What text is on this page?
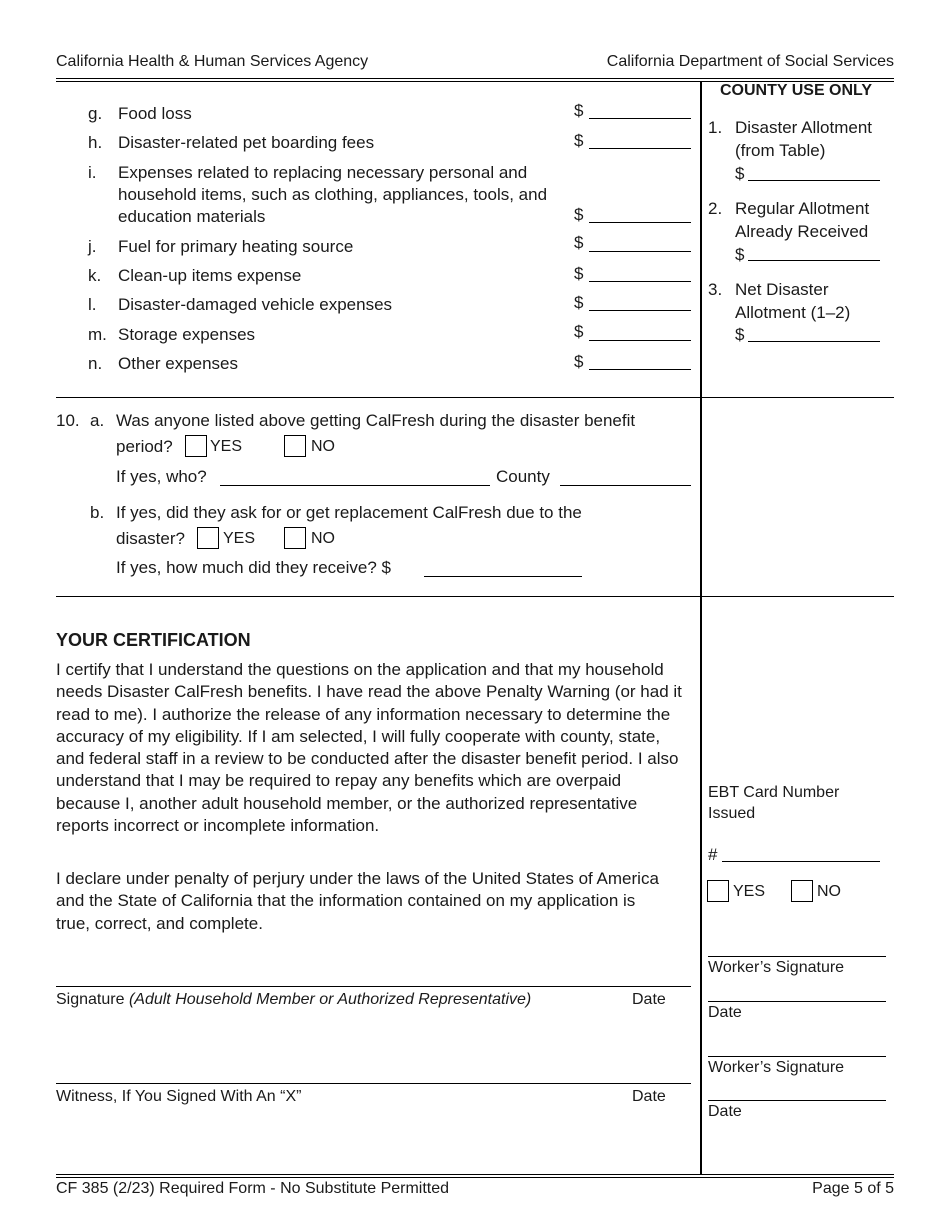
California Health & Human Services Agency	California Department of Social Services
g. Food loss	$
h. Disaster-related pet boarding fees	$
i.	Expenses related to replacing necessary personal and household items, such as clothing, appliances, tools, and education materials	$
j.	Fuel for primary heating source	$
k. Clean-up items expense	$
l.	Disaster-damaged vehicle expenses	$
m. Storage expenses	$
n. Other expenses	$
COUNTY USE ONLY
1. Disaster Allotment (from Table)
$
2. Regular Allotment Already Received
$
3. Net Disaster Allotment (1–2)
$
10. a. Was anyone listed above getting CalFresh during the disaster benefit
period? YES	NO
If yes, who?	County
b. If yes, did they ask for or get replacement CalFresh due to the
disaster? YES	NO
If yes, how much did they receive? $
YOUR CERTIFICATION
I certify that I understand the questions on the application and that my household needs Disaster CalFresh benefits. I have read the above Penalty Warning (or had it read to me). I authorize the release of any information necessary to determine the accuracy of my eligibility. If I am selected, I will fully cooperate with county, state, and federal staff in a review to be conducted after the disaster benefit period. I also understand that I may be required to repay any benefits which are overpaid because I, another adult household member, or the authorized representative reports incorrect or incomplete information.
I declare under penalty of perjury under the laws of the United States of America and the State of California that the information contained on my application is true, correct, and complete.
Signature (Adult Household Member or Authorized Representative)	Date
Witness, If You Signed With An “X”	Date
EBT Card Number Issued
#
YES	NO
Worker’s Signature
Date
Worker’s Signature
Date
CF 385 (2/23) Required Form - No Substitute Permitted	Page 5 of 5
